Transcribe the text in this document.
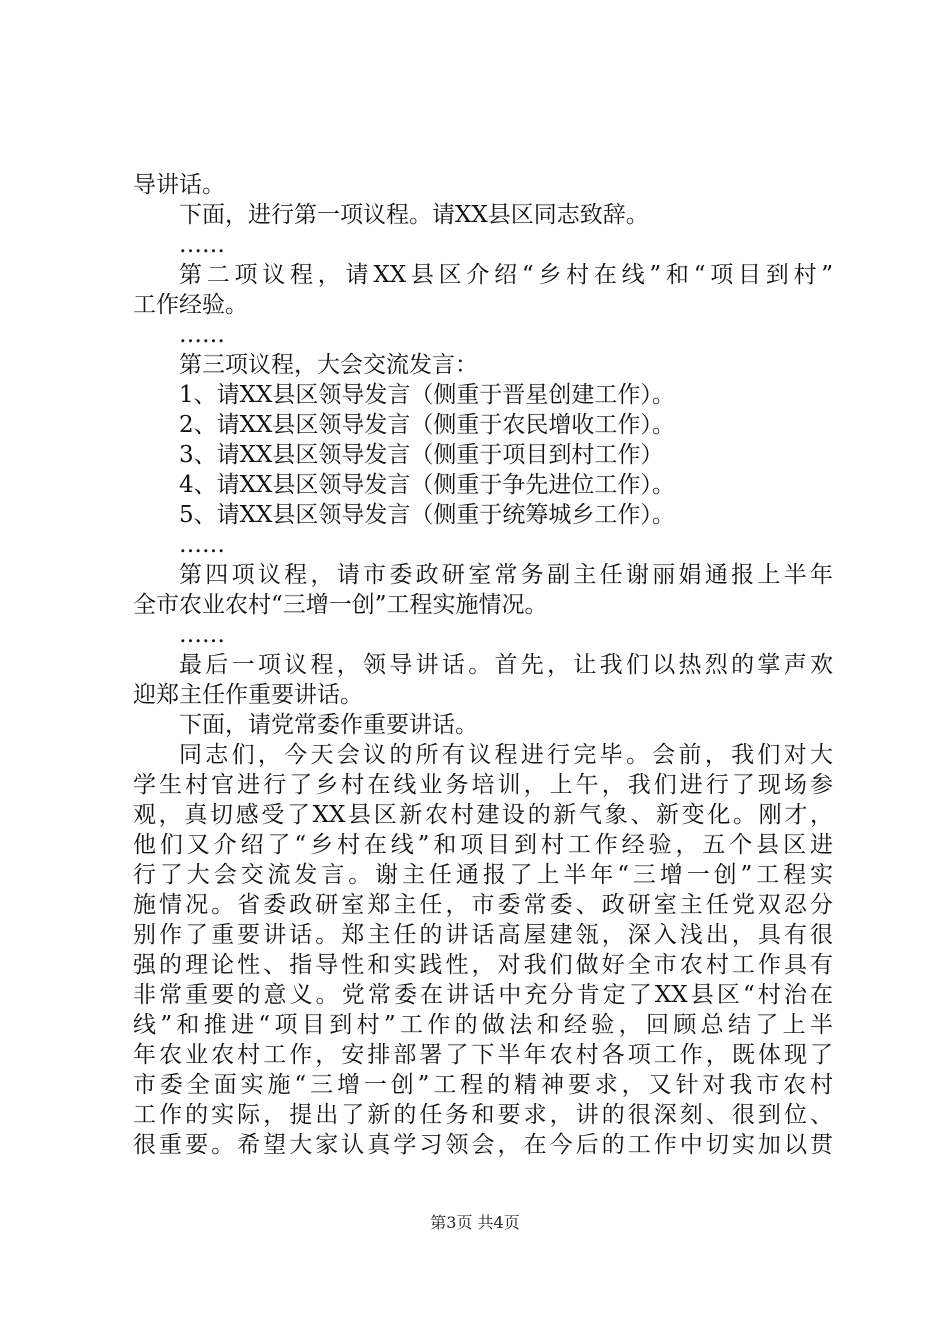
导讲话。
下面，进行第一项议程。请XX县区同志致辞。
……
第二项议程，请XX县区介绍“乡村在线”和“项目到村”
工作经验。
……
第三项议程，大会交流发言：
1、请XX县区领导发言（侧重于晋星创建工作）。
2、请XX县区领导发言（侧重于农民增收工作）。
3、请XX县区领导发言（侧重于项目到村工作）
4、请XX县区领导发言（侧重于争先进位工作）。
5、请XX县区领导发言（侧重于统筹城乡工作）。
……
第四项议程，请市委政研室常务副主任谢丽娟通报上半年
全市农业农村“三增一创”工程实施情况。
……
最后一项议程，领导讲话。首先，让我们以热烈的掌声欢
迎郑主任作重要讲话。
下面，请党常委作重要讲话。
同志们，今天会议的所有议程进行完毕。会前，我们对大
学生村官进行了乡村在线业务培训，上午，我们进行了现场参
观，真切感受了XX县区新农村建设的新气象、新变化。刚才，
他们又介绍了“乡村在线”和项目到村工作经验，五个县区进
行了大会交流发言。谢主任通报了上半年“三增一创”工程实
施情况。省委政研室郑主任，市委常委、政研室主任党双忍分
别作了重要讲话。郑主任的讲话高屋建瓴，深入浅出，具有很
强的理论性、指导性和实践性，对我们做好全市农村工作具有
非常重要的意义。党常委在讲话中充分肯定了XX县区“村治在
线”和推进“项目到村”工作的做法和经验，回顾总结了上半
年农业农村工作，安排部署了下半年农村各项工作，既体现了
市委全面实施“三增一创”工程的精神要求，又针对我市农村
工作的实际，提出了新的任务和要求，讲的很深刻、很到位、
很重要。希望大家认真学习领会，在今后的工作中切实加以贯
第3页 共4页
